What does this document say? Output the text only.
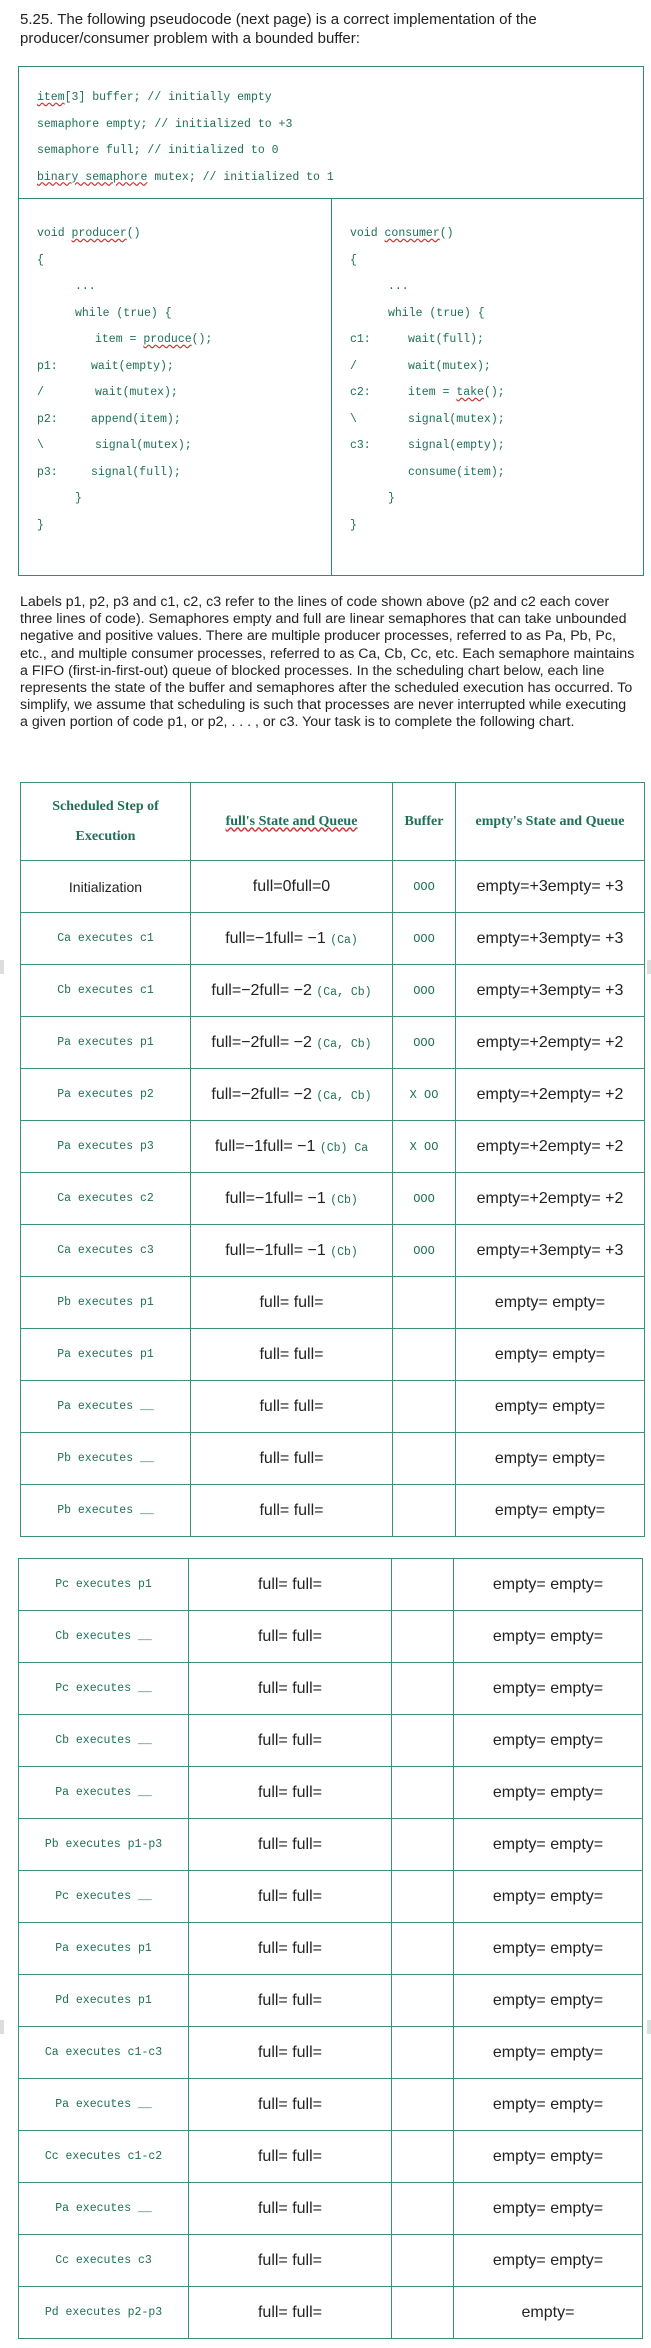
5.25. The following pseudocode (next page) is a correct implementation of the producer/consumer problem with a bounded buffer:
item[3] buffer; // initially empty
semaphore empty; // initialized to +3
semaphore full; // initialized to 0
binary semaphore mutex; // initialized to 1
void producer()
{
...
while (true) {
item = produce();
p1:	wait(empty);
/	wait(mutex);
p2:	append(item);
\	signal(mutex);
p3:	signal(full);
}
}
void consumer()
{
...
while (true) {
c1:	wait(full);
/	wait(mutex);
c2:	item = take();
\	signal(mutex);
c3:	signal(empty);
consume(item);
}
}
Labels p1, p2, p3 and c1, c2, c3 refer to the lines of code shown above (p2 and c2 each cover three lines of code). Semaphores empty and full are linear semaphores that can take unbounded negative and positive values. There are multiple producer processes, referred to as Pa, Pb, Pc, etc., and multiple consumer processes, referred to as Ca, Cb, Cc, etc. Each semaphore maintains a FIFO (first-in-first-out) queue of blocked processes. In the scheduling chart below, each line represents the state of the buffer and semaphores after the scheduled execution has occurred. To simplify, we assume that scheduling is such that processes are never interrupted while executing a given portion of code p1, or p2, . . . , or c3. Your task is to complete the following chart.
Scheduled Step of Execution	full's State and Queue	Buffer	empty's State and Queue
Initialization	full=0full=0	OOO	empty=+3empty= +3
Ca executes c1	full=−1full= −1 (Ca)	OOO	empty=+3empty= +3
Cb executes c1	full=−2full= −2 (Ca, Cb)	OOO	empty=+3empty= +3
Pa executes p1	full=−2full= −2 (Ca, Cb)	OOO	empty=+2empty= +2
Pa executes p2	full=−2full= −2 (Ca, Cb)	X OO	empty=+2empty= +2
Pa executes p3	full=−1full= −1 (Cb) Ca	X OO	empty=+2empty= +2
Ca executes c2	full=−1full= −1 (Cb)	OOO	empty=+2empty= +2
Ca executes c3	full=−1full= −1 (Cb)	OOO	empty=+3empty= +3
Pb executes p1	full= full=		empty= empty=
Pa executes p1	full= full=		empty= empty=
Pa executes __	full= full=		empty= empty=
Pb executes __	full= full=		empty= empty=
Pb executes __	full= full=		empty= empty=
Pc executes p1	full= full=		empty= empty=
Cb executes __	full= full=		empty= empty=
Pc executes __	full= full=		empty= empty=
Cb executes __	full= full=		empty= empty=
Pa executes __	full= full=		empty= empty=
Pb executes p1-p3	full= full=		empty= empty=
Pc executes __	full= full=		empty= empty=
Pa executes p1	full= full=		empty= empty=
Pd executes p1	full= full=		empty= empty=
Ca executes c1-c3	full= full=		empty= empty=
Pa executes __	full= full=		empty= empty=
Cc executes c1-c2	full= full=		empty= empty=
Pa executes __	full= full=		empty= empty=
Cc executes c3	full= full=		empty= empty=
Pd executes p2-p3	full= full=		empty=
